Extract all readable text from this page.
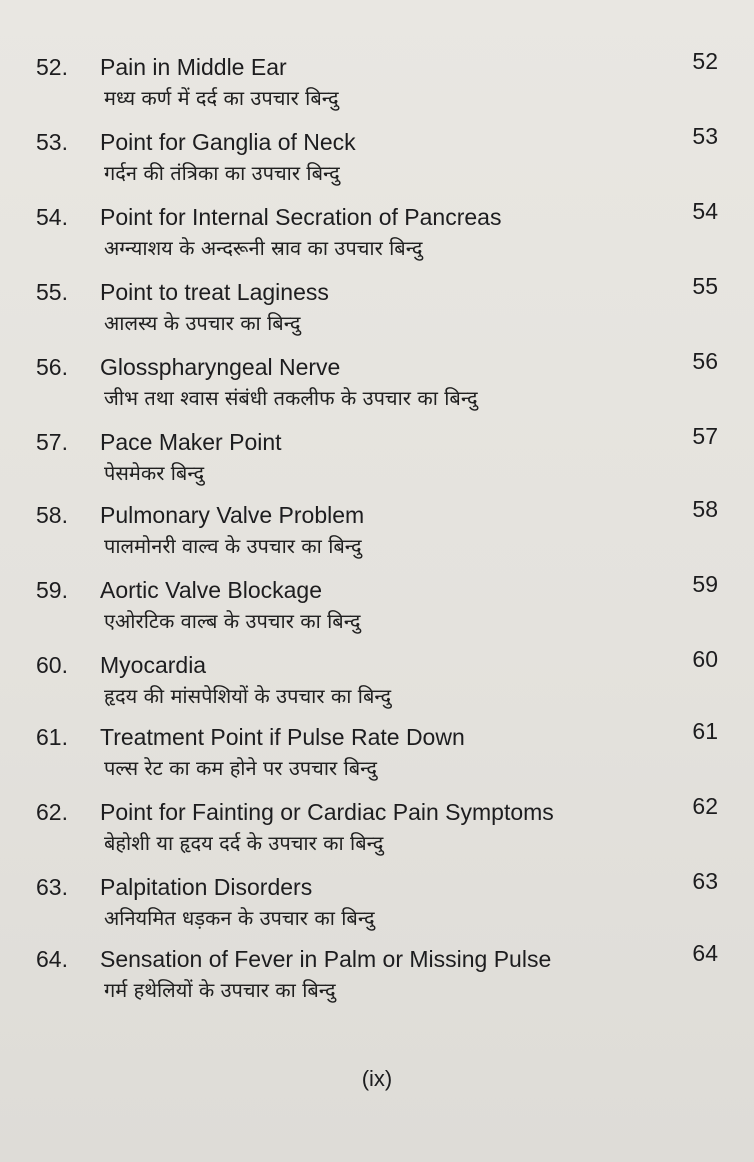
52. Pain in Middle Ear
मध्य कर्ण में दर्द का उपचार बिन्दु
52
53. Point for Ganglia of Neck
गर्दन की तंत्रिका का उपचार बिन्दु
53
54. Point for Internal Secration of Pancreas
अग्न्याशय के अन्दरूनी स्राव का उपचार बिन्दु
54
55. Point to treat Laginess
आलस्य के उपचार का बिन्दु
55
56. Glosspharyngeal Nerve
जीभ तथा श्वास संबंधी तकलीफ के उपचार का बिन्दु
56
57. Pace Maker Point
पेसमेकर बिन्दु
57
58. Pulmonary Valve Problem
पालमोनरी वाल्व के उपचार का बिन्दु
58
59. Aortic Valve Blockage
एओरटिक वाल्ब के उपचार का बिन्दु
59
60. Myocardia
हृदय की मांसपेशियों के उपचार का बिन्दु
60
61. Treatment Point if Pulse Rate Down
पल्स रेट का कम होने पर उपचार बिन्दु
61
62. Point for Fainting or Cardiac Pain Symptoms
बेहोशी या हृदय दर्द के उपचार का बिन्दु
62
63. Palpitation Disorders
अनियमित धड़कन के उपचार का बिन्दु
63
64. Sensation of Fever in Palm or Missing Pulse
गर्म हथेलियों के उपचार का बिन्दु
64
(ix)
